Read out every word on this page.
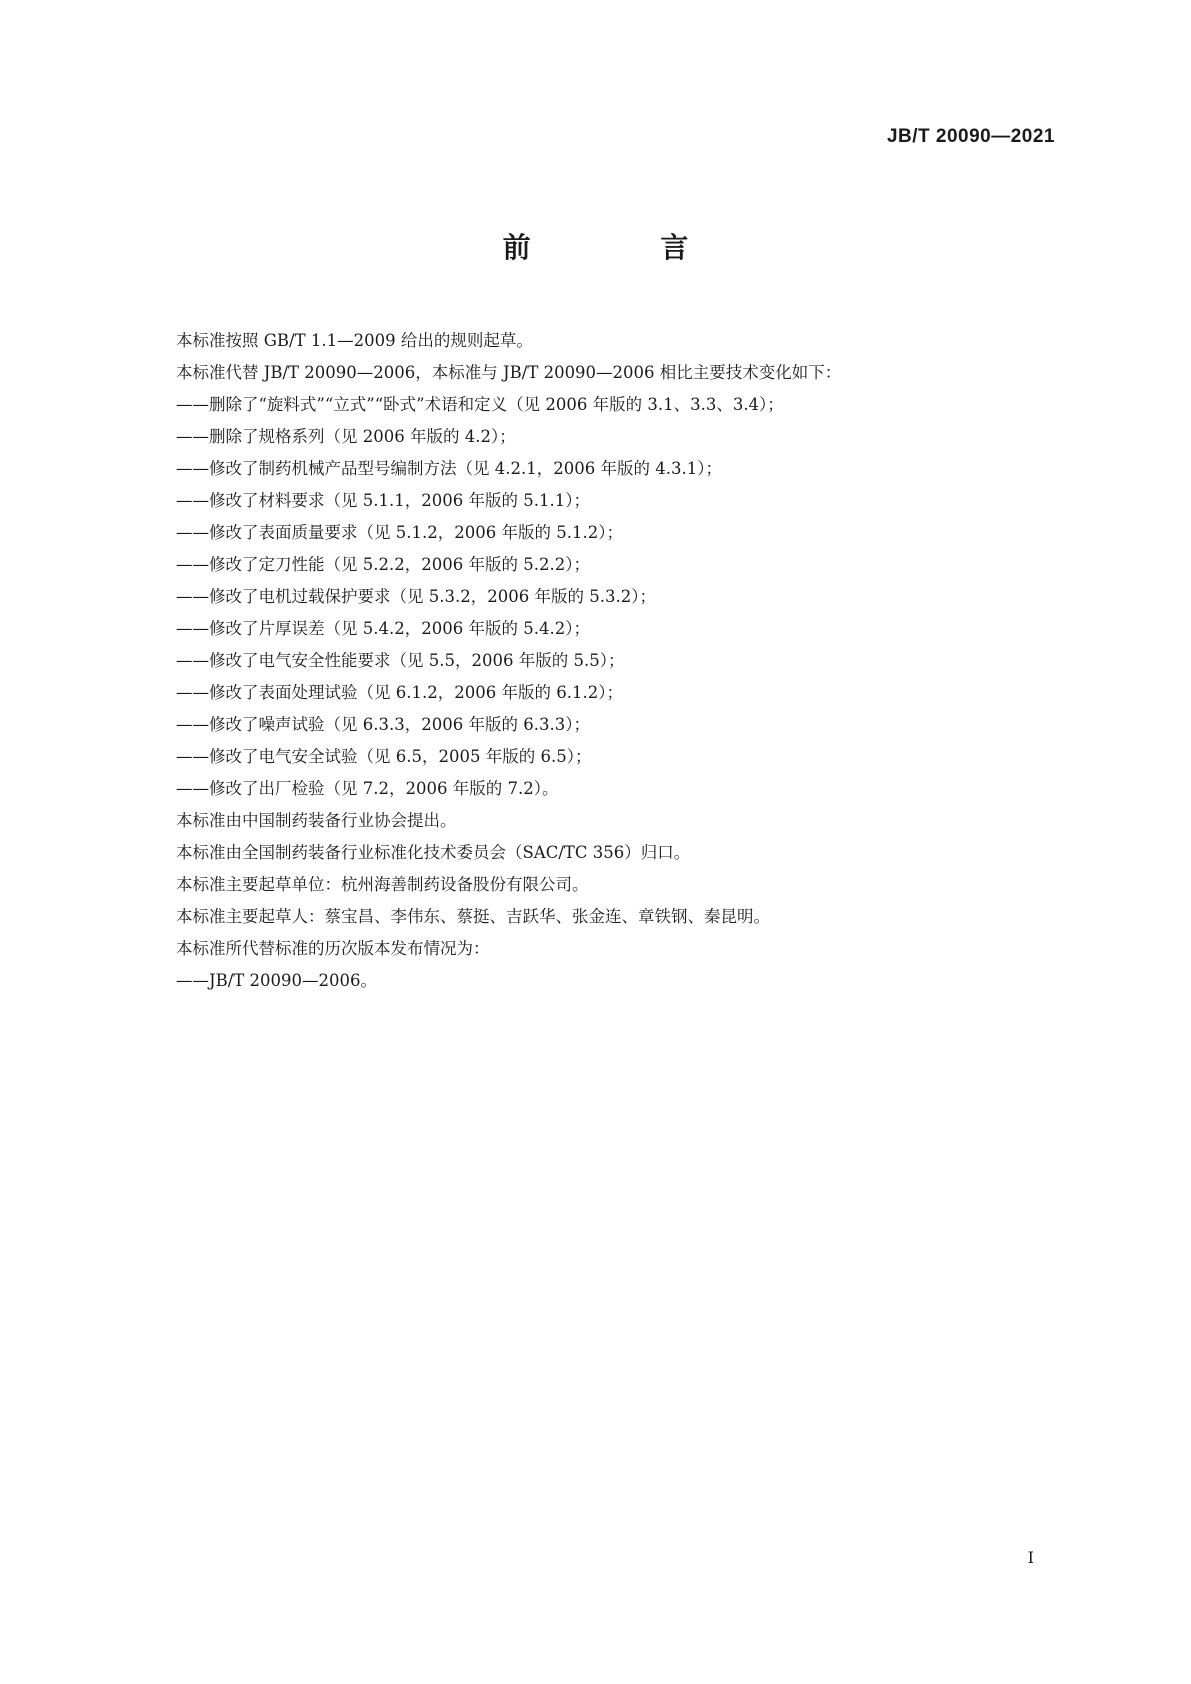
JB/T 20090—2021
前 言
本标准按照 GB/T 1.1—2009 给出的规则起草。
本标准代替 JB/T 20090—2006，本标准与 JB/T 20090—2006 相比主要技术变化如下：
——删除了“旋料式”“立式”“卧式”术语和定义（见 2006 年版的 3.1、3.3、3.4）；
——删除了规格系列（见 2006 年版的 4.2）；
——修改了制药机械产品型号编制方法（见 4.2.1，2006 年版的 4.3.1）；
——修改了材料要求（见 5.1.1，2006 年版的 5.1.1）；
——修改了表面质量要求（见 5.1.2，2006 年版的 5.1.2）；
——修改了定刀性能（见 5.2.2，2006 年版的 5.2.2）；
——修改了电机过载保护要求（见 5.3.2，2006 年版的 5.3.2）；
——修改了片厚误差（见 5.4.2，2006 年版的 5.4.2）；
——修改了电气安全性能要求（见 5.5，2006 年版的 5.5）；
——修改了表面处理试验（见 6.1.2，2006 年版的 6.1.2）；
——修改了噪声试验（见 6.3.3，2006 年版的 6.3.3）；
——修改了电气安全试验（见 6.5，2005 年版的 6.5）；
——修改了出厂检验（见 7.2，2006 年版的 7.2）。
本标准由中国制药装备行业协会提出。
本标准由全国制药装备行业标准化技术委员会（SAC/TC 356）归口。
本标准主要起草单位：杭州海善制药设备股份有限公司。
本标准主要起草人：蔡宝昌、李伟东、蔡挺、吉跃华、张金连、章铁钢、秦昆明。
本标准所代替标准的历次版本发布情况为：
——JB/T 20090—2006。
I
